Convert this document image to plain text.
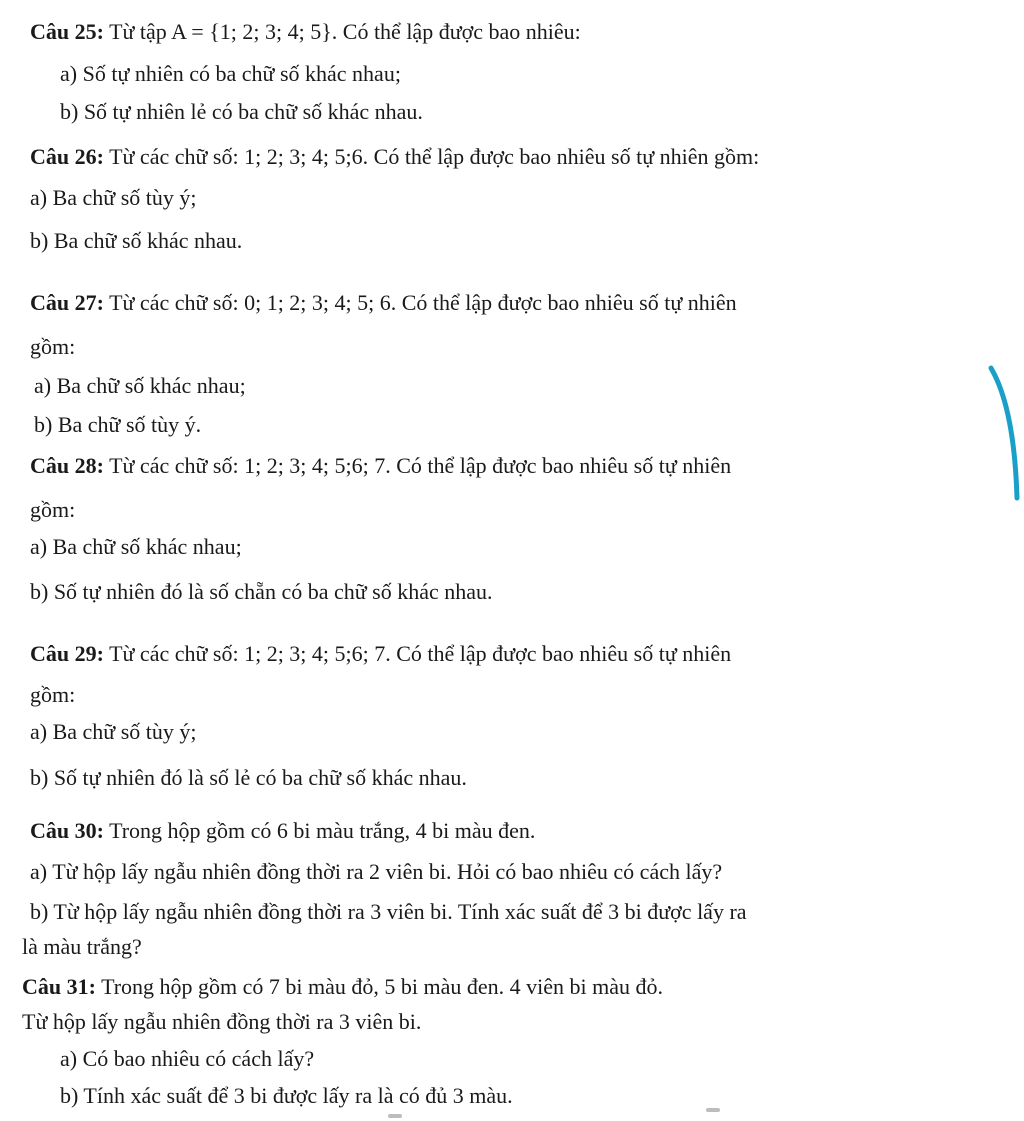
Câu 25: Từ tập A = {1; 2; 3; 4; 5}. Có thể lập được bao nhiêu:
a) Số tự nhiên có ba chữ số khác nhau;
b) Số tự nhiên lẻ có ba chữ số khác nhau.
Câu 26: Từ các chữ số: 1; 2; 3; 4; 5;6. Có thể lập được bao nhiêu số tự nhiên gồm:
a) Ba chữ số tùy ý;
b) Ba chữ số khác nhau.
Câu 27: Từ các chữ số: 0; 1; 2; 3; 4; 5; 6. Có thể lập được bao nhiêu số tự nhiên
gồm:
a) Ba chữ số khác nhau;
b) Ba chữ số tùy ý.
Câu 28: Từ các chữ số: 1; 2; 3; 4; 5;6; 7. Có thể lập được bao nhiêu số tự nhiên
gồm:
a) Ba chữ số khác nhau;
b) Số tự nhiên đó là số chẵn có ba chữ số khác nhau.
Câu 29: Từ các chữ số: 1; 2; 3; 4; 5;6; 7. Có thể lập được bao nhiêu số tự nhiên
gồm:
a) Ba chữ số tùy ý;
b) Số tự nhiên đó là số lẻ có ba chữ số khác nhau.
Câu 30: Trong hộp gồm có 6 bi màu trắng, 4 bi màu đen.
a) Từ hộp lấy ngẫu nhiên đồng thời ra 2 viên bi. Hỏi có bao nhiêu có cách lấy?
b) Từ hộp lấy ngẫu nhiên đồng thời ra 3 viên bi. Tính xác suất để 3 bi được lấy ra
là màu trắng?
Câu 31: Trong hộp gồm có 7 bi màu đỏ, 5 bi màu đen. 4 viên bi màu đỏ.
Từ hộp lấy ngẫu nhiên đồng thời ra 3 viên bi.
a) Có bao nhiêu có cách lấy?
b) Tính xác suất để 3 bi được lấy ra là có đủ 3 màu.
